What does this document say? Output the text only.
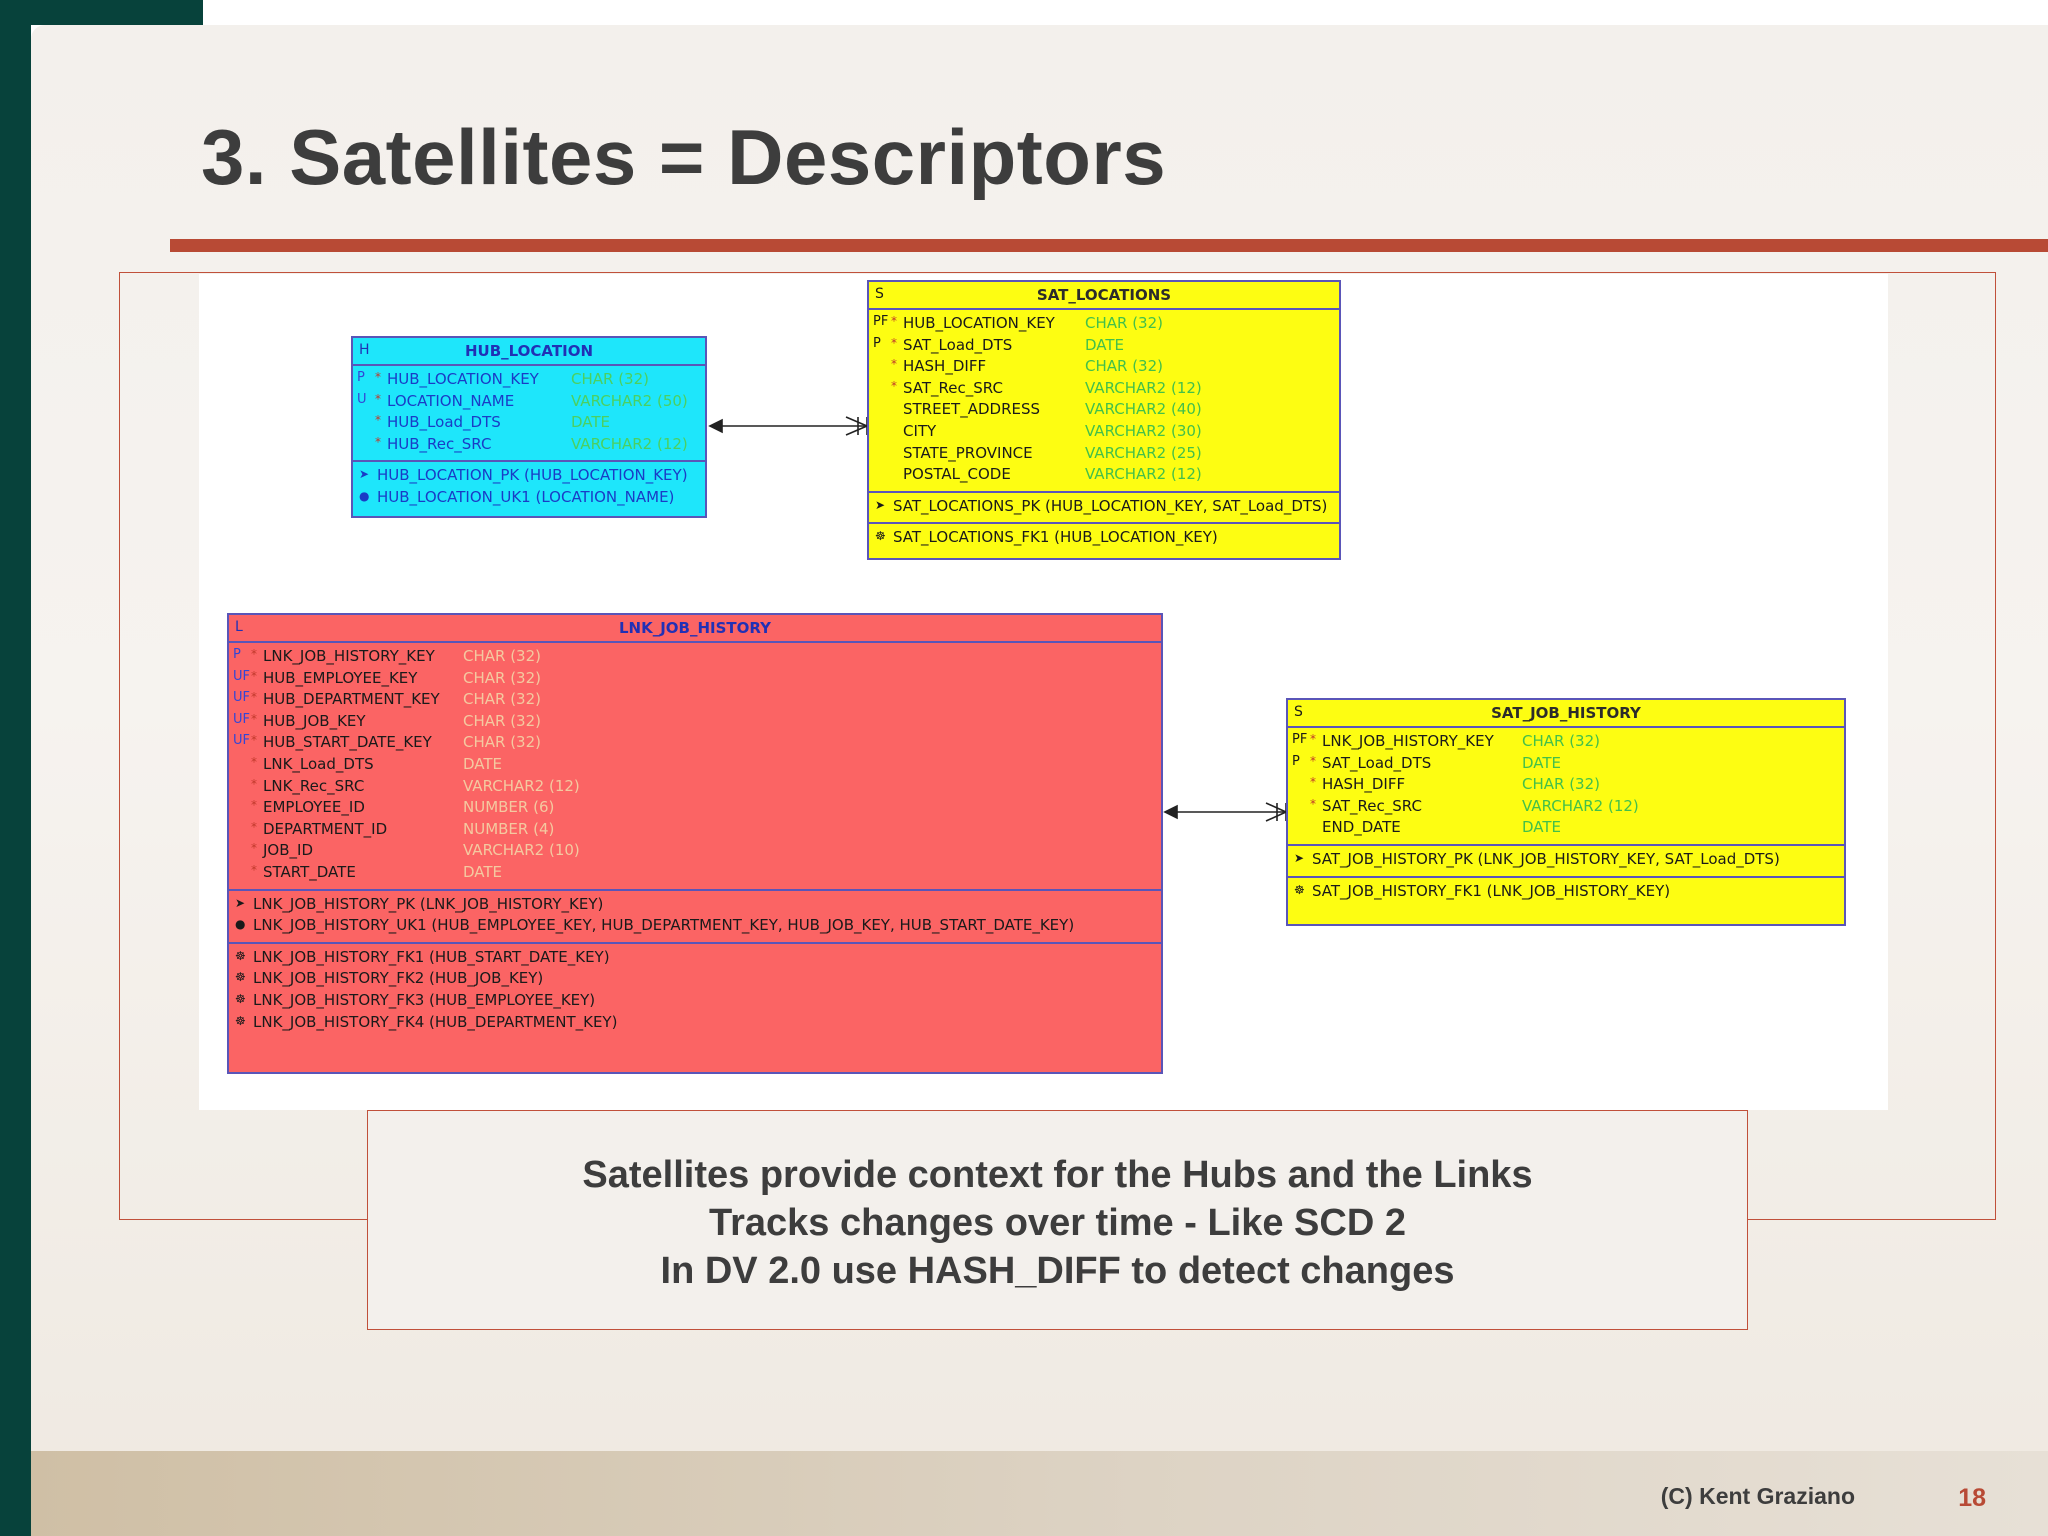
3. Satellites = Descriptors
H	HUB_LOCATION
P * HUB_LOCATION_KEY CHAR (32)
U * LOCATION_NAME	VARCHAR2 (50)
* HUB_Load_DTS	DATE
* HUB_Rec_SRC	VARCHAR2 (12)
➤ HUB_LOCATION_PK (HUB_LOCATION_KEY)
● HUB_LOCATION_UK1 (LOCATION_NAME)
S	SAT_LOCATIONS
PF * HUB_LOCATION_KEY CHAR (32)
P * SAT_Load_DTS	DATE
* HASH_DIFF	CHAR (32)
* SAT_Rec_SRC	VARCHAR2 (12)
STREET_ADDRESS	VARCHAR2 (40)
CITY	VARCHAR2 (30)
STATE_PROVINCE	VARCHAR2 (25)
POSTAL_CODE	VARCHAR2 (12)
➤ SAT_LOCATIONS_PK (HUB_LOCATION_KEY, SAT_Load_DTS)
☸ SAT_LOCATIONS_FK1 (HUB_LOCATION_KEY)
L	LNK_JOB_HISTORY
P * LNK_JOB_HISTORY_KEY CHAR (32)
UF * HUB_EMPLOYEE_KEY	CHAR (32)
UF * HUB_DEPARTMENT_KEY CHAR (32)
UF * HUB_JOB_KEY	CHAR (32)
UF * HUB_START_DATE_KEY CHAR (32)
* LNK_Load_DTS	DATE
* LNK_Rec_SRC	VARCHAR2 (12)
* EMPLOYEE_ID	NUMBER (6)
* DEPARTMENT_ID	NUMBER (4)
* JOB_ID	VARCHAR2 (10)
* START_DATE	DATE
➤ LNK_JOB_HISTORY_PK (LNK_JOB_HISTORY_KEY)
● LNK_JOB_HISTORY_UK1 (HUB_EMPLOYEE_KEY, HUB_DEPARTMENT_KEY, HUB_JOB_KEY, HUB_START_DATE_KEY)
☸ LNK_JOB_HISTORY_FK1 (HUB_START_DATE_KEY)
☸ LNK_JOB_HISTORY_FK2 (HUB_JOB_KEY)
☸ LNK_JOB_HISTORY_FK3 (HUB_EMPLOYEE_KEY)
☸ LNK_JOB_HISTORY_FK4 (HUB_DEPARTMENT_KEY)
S	SAT_JOB_HISTORY
PF * LNK_JOB_HISTORY_KEY CHAR (32)
P * SAT_Load_DTS	DATE
* HASH_DIFF	CHAR (32)
* SAT_Rec_SRC	VARCHAR2 (12)
END_DATE	DATE
➤ SAT_JOB_HISTORY_PK (LNK_JOB_HISTORY_KEY, SAT_Load_DTS)
☸ SAT_JOB_HISTORY_FK1 (LNK_JOB_HISTORY_KEY)
Satellites provide context for the Hubs and the Links
Tracks changes over time - Like SCD 2
In DV 2.0 use HASH_DIFF to detect changes
(C) Kent Graziano	18
